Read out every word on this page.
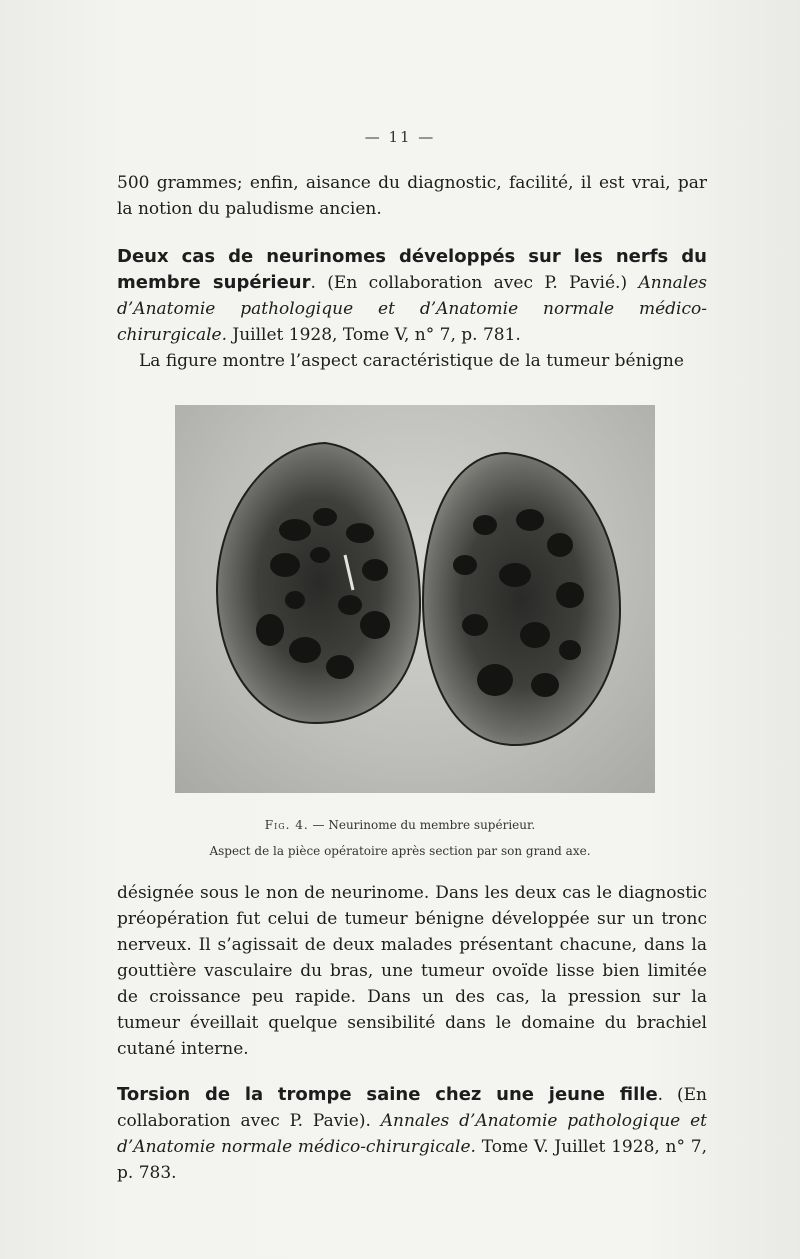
— 11 —

500 grammes; enfin, aisance du diagnostic, facilité, il est vrai, par la notion du paludisme ancien.

Deux cas de neurinomes développés sur les nerfs du membre supérieur. (En collaboration avec P. Pavié.) Annales d’Anatomie pathologique et d’Anatomie normale médico-chirurgicale. Juillet 1928, Tome V, n° 7, p. 781.

La figure montre l’aspect caractéristique de la tumeur bénigne

Fig. 4. — Neurinome du membre supérieur.
Aspect de la pièce opératoire après section par son grand axe.

désignée sous le non de neurinome. Dans les deux cas le diagnostic préopération fut celui de tumeur bénigne développée sur un tronc nerveux. Il s’agissait de deux malades présentant chacune, dans la gouttière vasculaire du bras, une tumeur ovoïde lisse bien limitée de croissance peu rapide. Dans un des cas, la pression sur la tumeur éveillait quelque sensibilité dans le domaine du brachiel cutané interne.

Torsion de la trompe saine chez une jeune fille. (En collaboration avec P. Pavie). Annales d’Anatomie pathologique et d’Anatomie normale médico-chirurgicale. Tome V. Juillet 1928, n° 7, p. 783.
